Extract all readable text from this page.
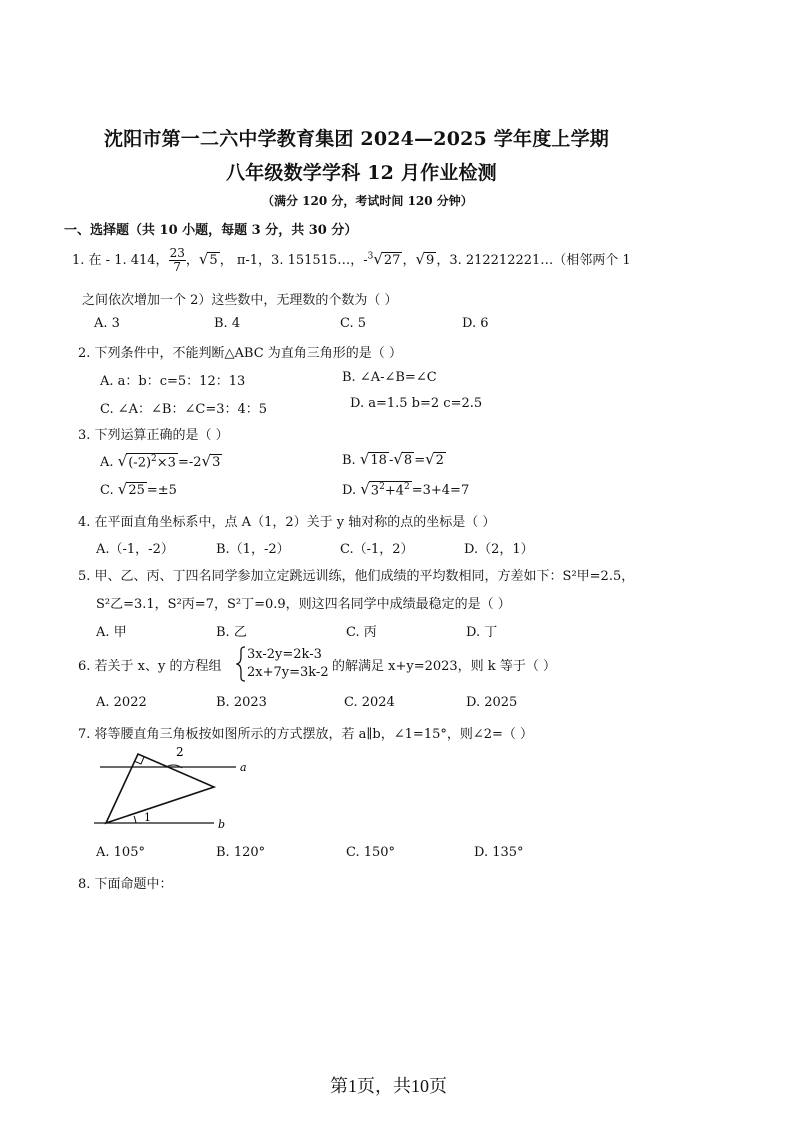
沈阳市第一二六中学教育集团 2024—2025 学年度上学期
八年级数学学科 12 月作业检测
（满分 120 分，考试时间 120 分钟）
一、选择题（共 10 小题，每题 3 分，共 30 分）
1. 在 - 1. 414， $\frac{23}{7}$ ，√5 ， π-1，3. 151515…，-$^3$√27 ，√9 ，3. 212212221…（相邻两个 1
之间依次增加一个 2）这些数中，无理数的个数为（ ）
A. 3	B. 4	C. 5	D. 6
2. 下列条件中，不能判断△ABC 为直角三角形的是（ ）
A. a：b：c=5：12：13	B. ∠A-∠B=∠C
C. ∠A：∠B：∠C=3：4：5	D. a=1.5 b=2 c=2.5
3. 下列运算正确的是（ ）
A. $√(-2)^2\times 3 =-2√3$	B. √18 -√8 =√2
C. √25 =±5	D. $√3^2+4^2 =3+4=7$
4. 在平面直角坐标系中，点 A（1，2）关于 y 轴对称的点的坐标是（ ）
A.（-1，-2）	B.（1，-2）	C.（-1，2）	D.（2，1）
5. 甲、乙、丙、丁四名同学参加立定跳远训练，他们成绩的平均数相同，方差如下：S²甲=2.5，
S²乙=3.1，S²丙=7，S²丁=0.9，则这四名同学中成绩最稳定的是（ ）
A. 甲	B. 乙	C. 丙	D. 丁
6. 若关于 x、y 的方程组
3x-2y=2k-3
2x+7y=3k-2 的解满足 x+y=2023，则 k 等于（ ）
A. 2022	B. 2023	C. 2024	D. 2025
7. 将等腰直角三角板按如图所示的方式摆放，若 a∥b，∠1=15°，则∠2=（ ）
a
b
1
2
A. 105°	B. 120°	C. 150°	D. 135°
8. 下面命题中：
第1页，共10页
